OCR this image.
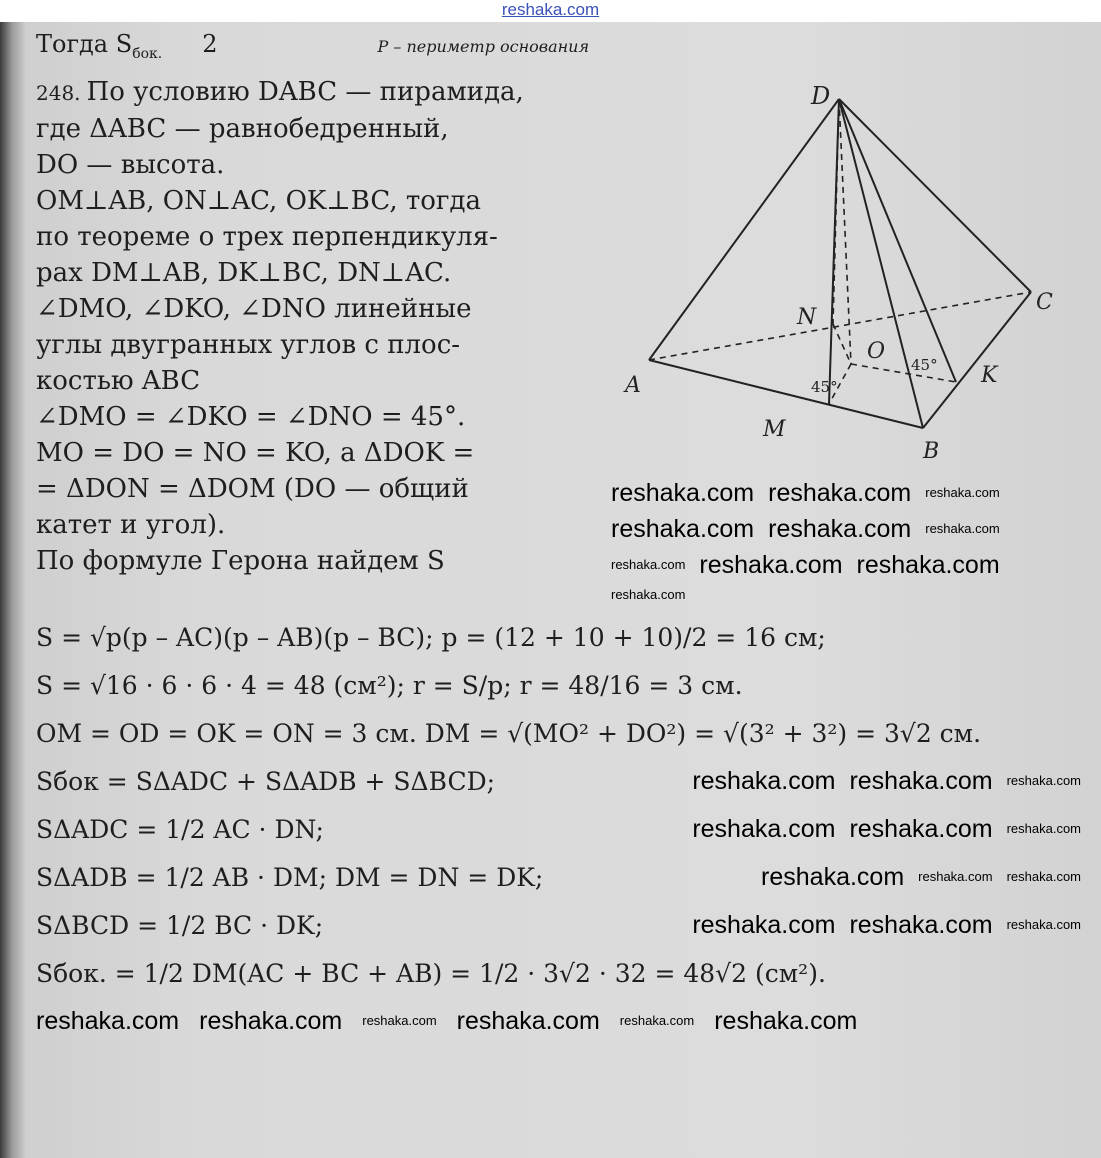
reshaka.com
Тогда $S_{бок.}$ 2	P – периметр основания
248. По условию DABC — пирамида,
где ΔABC — равнобедренный,
DO — высота.
OM⊥AB, ON⊥AC, OK⊥BC, тогда
по теореме о трех перпендикуля-
рах DM⊥AB, DK⊥BC, DN⊥AC.
∠DMO, ∠DKO, ∠DNO линейные
углы двугранных углов с плос-
костью ABC
∠DMO = ∠DKO = ∠DNO = 45°.
MO = DO = NO = KO, а ΔDOK =
= ΔDON = ΔDOM (DO — общий
катет и угол).
По формуле Герона найдем S
D
N
O
C
A
M
B
K
45°
45°
reshaka.com reshaka.com reshaka.com
reshaka.com reshaka.com reshaka.com
reshaka.com reshaka.com reshaka.com
reshaka.com
S = √p(p – AC)(p – AB)(p – BC); p = (12 + 10 + 10)/2 = 16 см;
S = √16 · 6 · 6 · 4 = 48 (см²); r = S/p; r = 48/16 = 3 см.
OM = OD = OK = ON = 3 см. DM = √(MO² + DO²) = √(3² + 3²) = 3√2 см.
Sбок = SΔADC + SΔADB + SΔBCD;	reshaka.com reshaka.com reshaka.com
SΔADC = 1/2 AC · DN;	reshaka.com reshaka.com reshaka.com
SΔADB = 1/2 AB · DM; DM = DN = DK;	reshaka.com reshaka.com reshaka.com
SΔBCD = 1/2 BC · DK;	reshaka.com reshaka.com reshaka.com
Sбок. = 1/2 DM(AC + BC + AB) = 1/2 · 3√2 · 32 = 48√2 (см²).
reshaka.com reshaka.com reshaka.com reshaka.com reshaka.com reshaka.com
